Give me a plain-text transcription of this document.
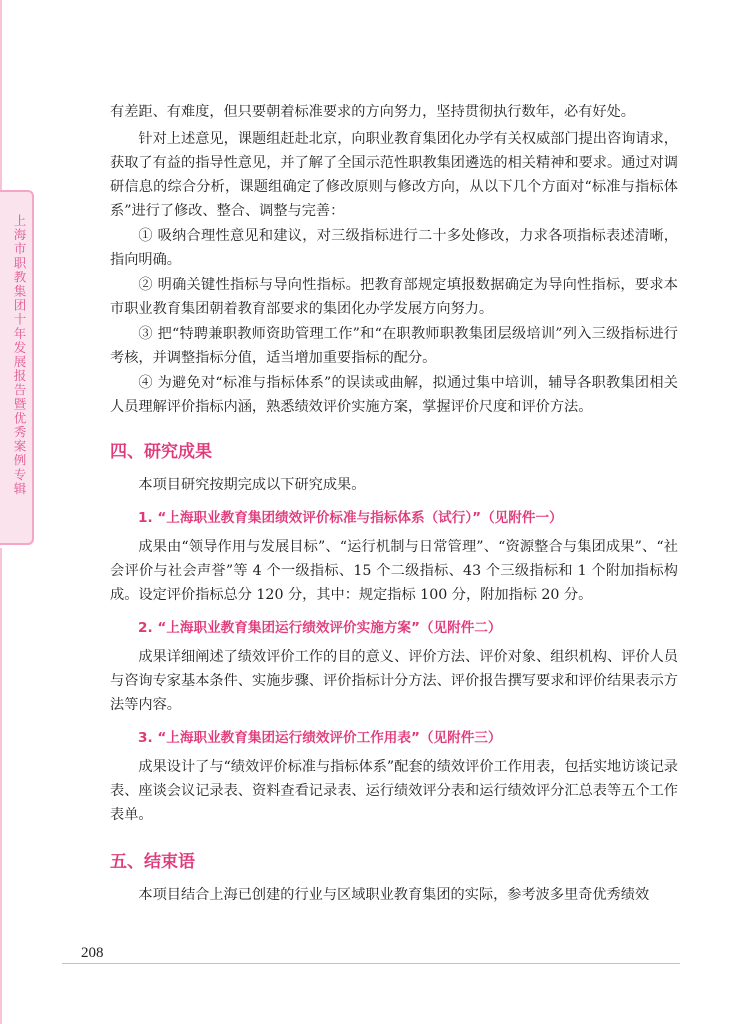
上海市职教集团十年发展报告暨优秀案例专辑

有差距、有难度，但只要朝着标准要求的方向努力，坚持贯彻执行数年，必有好处。

针对上述意见，课题组赶赴北京，向职业教育集团化办学有关权威部门提出咨询请求，获取了有益的指导性意见，并了解了全国示范性职教集团遴选的相关精神和要求。通过对调研信息的综合分析，课题组确定了修改原则与修改方向，从以下几个方面对“标准与指标体系”进行了修改、整合、调整与完善：

① 吸纳合理性意见和建议，对三级指标进行二十多处修改，力求各项指标表述清晰，指向明确。

② 明确关键性指标与导向性指标。把教育部规定填报数据确定为导向性指标，要求本市职业教育集团朝着教育部要求的集团化办学发展方向努力。

③ 把“特聘兼职教师资助管理工作”和“在职教师职教集团层级培训”列入三级指标进行考核，并调整指标分值，适当增加重要指标的配分。

④ 为避免对“标准与指标体系”的误读或曲解，拟通过集中培训，辅导各职教集团相关人员理解评价指标内涵，熟悉绩效评价实施方案，掌握评价尺度和评价方法。

四、研究成果

本项目研究按期完成以下研究成果。

1. “上海职业教育集团绩效评价标准与指标体系（试行）”（见附件一）

成果由“领导作用与发展目标”、“运行机制与日常管理”、“资源整合与集团成果”、“社会评价与社会声誉”等 4 个一级指标、15 个二级指标、43 个三级指标和 1 个附加指标构成。设定评价指标总分 120 分，其中：规定指标 100 分，附加指标 20 分。

2. “上海职业教育集团运行绩效评价实施方案”（见附件二）

成果详细阐述了绩效评价工作的目的意义、评价方法、评价对象、组织机构、评价人员与咨询专家基本条件、实施步骤、评价指标计分方法、评价报告撰写要求和评价结果表示方法等内容。

3. “上海职业教育集团运行绩效评价工作用表”（见附件三）

成果设计了与“绩效评价标准与指标体系”配套的绩效评价工作用表，包括实地访谈记录表、座谈会议记录表、资料查看记录表、运行绩效评分表和运行绩效评分汇总表等五个工作表单。

五、结束语

本项目结合上海已创建的行业与区域职业教育集团的实际，参考波多里奇优秀绩效

208
